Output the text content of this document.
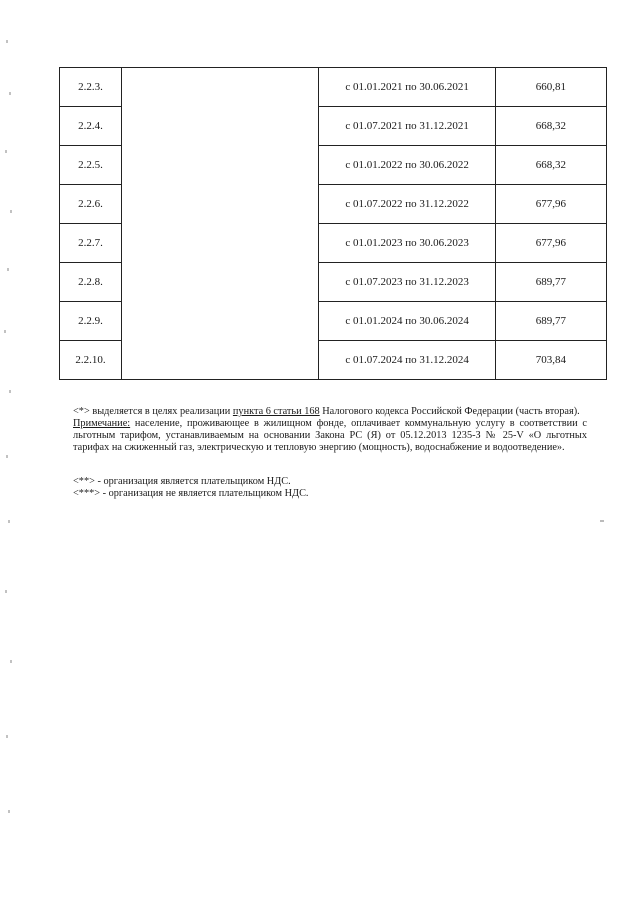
2.2.3.		с 01.01.2021 по 30.06.2021	660,81
2.2.4.		с 01.07.2021 по 31.12.2021	668,32
2.2.5.		с 01.01.2022 по 30.06.2022	668,32
2.2.6.		с 01.07.2022 по 31.12.2022	677,96
2.2.7.		с 01.01.2023 по 30.06.2023	677,96
2.2.8.		с 01.07.2023 по 31.12.2023	689,77
2.2.9.		с 01.01.2024 по 30.06.2024	689,77
2.2.10.		с 01.07.2024 по 31.12.2024	703,84

<*> выделяется в целях реализации пункта 6 статьи 168 Налогового кодекса Российской Федерации (часть вторая).

Примечание: население, проживающее в жилищном фонде, оплачивает коммунальную услугу в соответствии с льготным тарифом, устанавливаемым на основании Закона РС (Я) от 05.12.2013 1235-З № 25-V «О льготных тарифах на сжиженный газ, электрическую и тепловую энергию (мощность), водоснабжение и водоотведение».

<**> - организация является плательщиком НДС.

<***> - организация не является плательщиком НДС.
